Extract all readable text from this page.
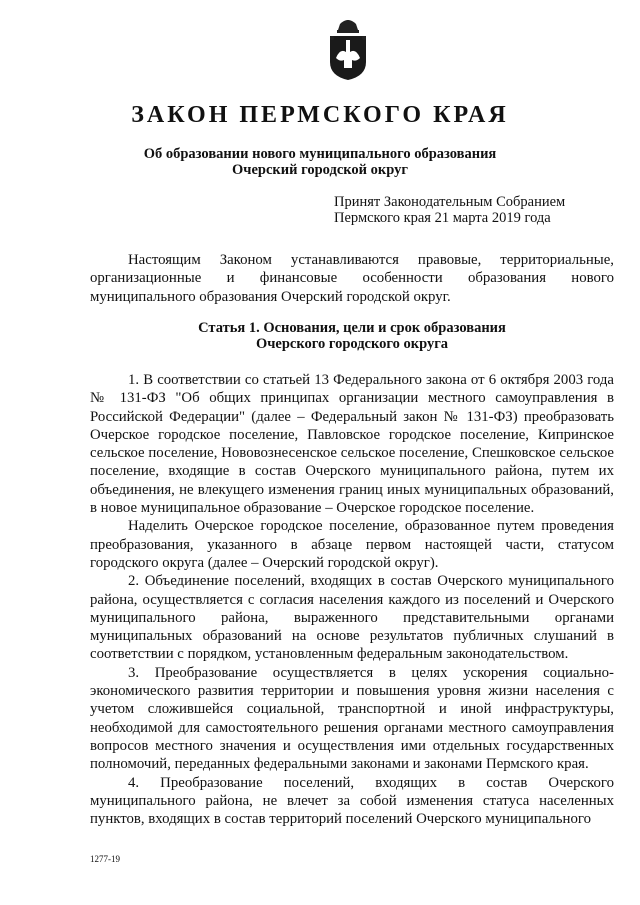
ЗАКОН ПЕРМСКОГО КРАЯ
Об образовании нового муниципального образования
Очерский городской округ
Принят Законодательным Собранием
Пермского края 21 марта 2019 года

Настоящим Законом устанавливаются правовые, территориальные, организационные и финансовые особенности образования нового муниципального образования Очерский городской округ.

Статья 1. Основания, цели и срок образования
Очерского городского округа

1. В соответствии со статьей 13 Федерального закона от 6 октября 2003 года № 131-ФЗ "Об общих принципах организации местного самоуправления в Российской Федерации" (далее – Федеральный закон № 131-ФЗ) преобразовать Очерское городское поселение, Павловское городское поселение, Кипринское сельское поселение, Нововознесенское сельское поселение, Спешковское сельское поселение, входящие в состав Очерского муниципального района, путем их объединения, не влекущего изменения границ иных муниципальных образований, в новое муниципальное образование – Очерское городское поселение.

Наделить Очерское городское поселение, образованное путем проведения преобразования, указанного в абзаце первом настоящей части, статусом городского округа (далее – Очерский городской округ).

2. Объединение поселений, входящих в состав Очерского муниципального района, осуществляется с согласия населения каждого из поселений и Очерского муниципального района, выраженного представительными органами муниципальных образований на основе результатов публичных слушаний в соответствии с порядком, установленным федеральным законодательством.

3. Преобразование осуществляется в целях ускорения социально-экономического развития территории и повышения уровня жизни населения с учетом сложившейся социальной, транспортной и иной инфраструктуры, необходимой для самостоятельного решения органами местного самоуправления вопросов местного значения и осуществления ими отдельных государственных полномочий, переданных федеральными законами и законами Пермского края.

4. Преобразование поселений, входящих в состав Очерского муниципального района, не влечет за собой изменения статуса населенных пунктов, входящих в состав территорий поселений Очерского муниципального

1277-19
